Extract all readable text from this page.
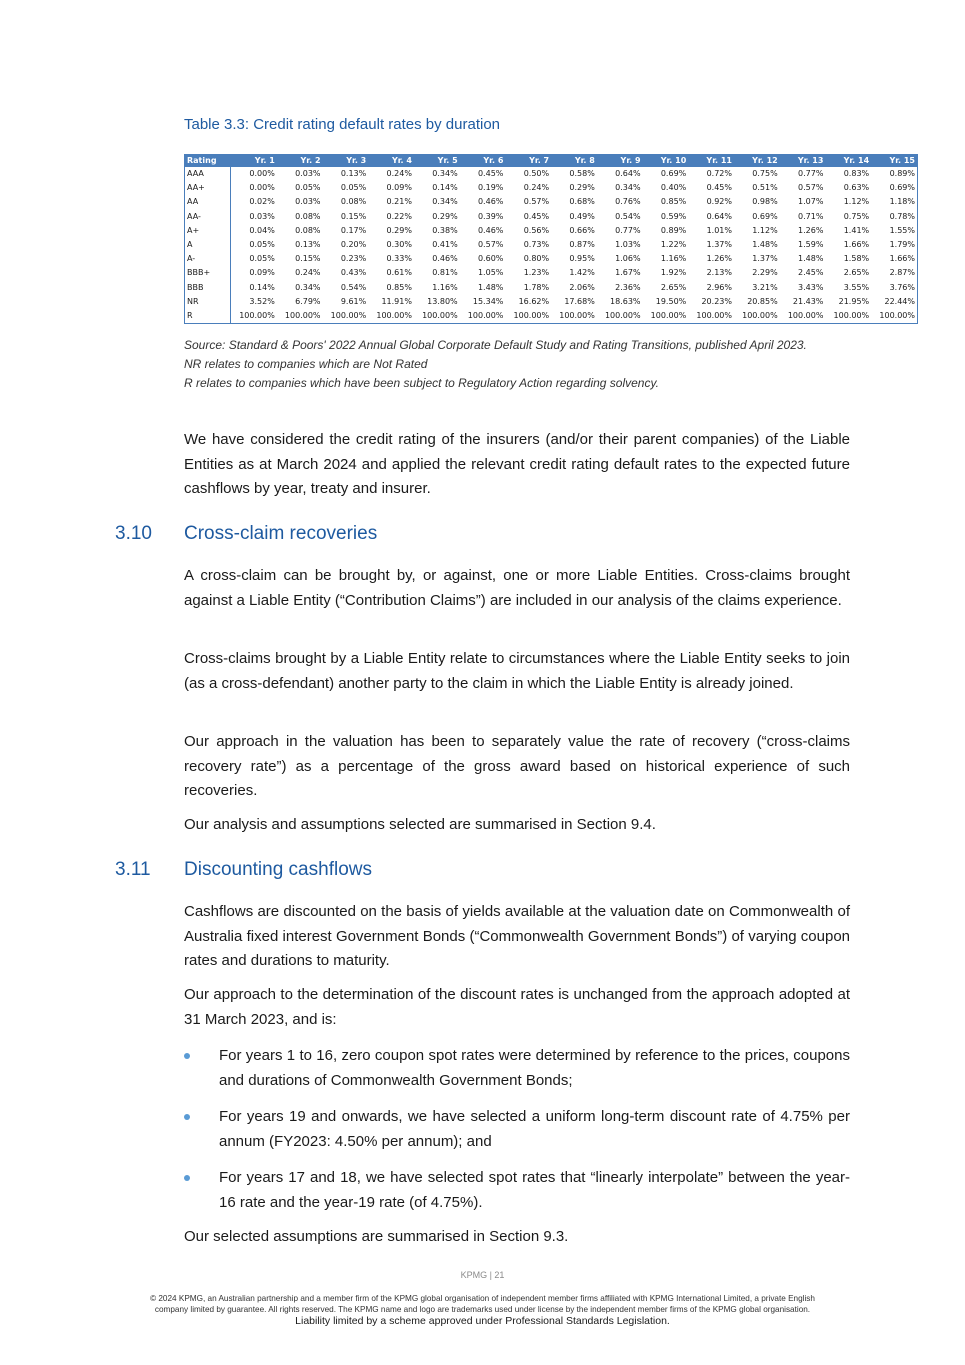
Table 3.3: Credit rating default rates by duration
Rating	Yr. 1	Yr. 2	Yr. 3	Yr. 4	Yr. 5	Yr. 6	Yr. 7	Yr. 8	Yr. 9	Yr. 10	Yr. 11	Yr. 12	Yr. 13	Yr. 14	Yr. 15
AAA	0.00%	0.03%	0.13%	0.24%	0.34%	0.45%	0.50%	0.58%	0.64%	0.69%	0.72%	0.75%	0.77%	0.83%	0.89%
AA+	0.00%	0.05%	0.05%	0.09%	0.14%	0.19%	0.24%	0.29%	0.34%	0.40%	0.45%	0.51%	0.57%	0.63%	0.69%
AA	0.02%	0.03%	0.08%	0.21%	0.34%	0.46%	0.57%	0.68%	0.76%	0.85%	0.92%	0.98%	1.07%	1.12%	1.18%
AA-	0.03%	0.08%	0.15%	0.22%	0.29%	0.39%	0.45%	0.49%	0.54%	0.59%	0.64%	0.69%	0.71%	0.75%	0.78%
A+	0.04%	0.08%	0.17%	0.29%	0.38%	0.46%	0.56%	0.66%	0.77%	0.89%	1.01%	1.12%	1.26%	1.41%	1.55%
A	0.05%	0.13%	0.20%	0.30%	0.41%	0.57%	0.73%	0.87%	1.03%	1.22%	1.37%	1.48%	1.59%	1.66%	1.79%
A-	0.05%	0.15%	0.23%	0.33%	0.46%	0.60%	0.80%	0.95%	1.06%	1.16%	1.26%	1.37%	1.48%	1.58%	1.66%
BBB+	0.09%	0.24%	0.43%	0.61%	0.81%	1.05%	1.23%	1.42%	1.67%	1.92%	2.13%	2.29%	2.45%	2.65%	2.87%
BBB	0.14%	0.34%	0.54%	0.85%	1.16%	1.48%	1.78%	2.06%	2.36%	2.65%	2.96%	3.21%	3.43%	3.55%	3.76%
NR	3.52%	6.79%	9.61%	11.91%	13.80%	15.34%	16.62%	17.68%	18.63%	19.50%	20.23%	20.85%	21.43%	21.95%	22.44%
R	100.00%	100.00%	100.00%	100.00%	100.00%	100.00%	100.00%	100.00%	100.00%	100.00%	100.00%	100.00%	100.00%	100.00%	100.00%
Source: Standard & Poors' 2022 Annual Global Corporate Default Study and Rating Transitions, published April 2023.
NR relates to companies which are Not Rated
R relates to companies which have been subject to Regulatory Action regarding solvency.

We have considered the credit rating of the insurers (and/or their parent companies) of the Liable Entities as at March 2024 and applied the relevant credit rating default rates to the expected future cashflows by year, treaty and insurer.

3.10 Cross-claim recoveries

A cross-claim can be brought by, or against, one or more Liable Entities. Cross-claims brought against a Liable Entity (“Contribution Claims”) are included in our analysis of the claims experience.

Cross-claims brought by a Liable Entity relate to circumstances where the Liable Entity seeks to join (as a cross-defendant) another party to the claim in which the Liable Entity is already joined.

Our approach in the valuation has been to separately value the rate of recovery (“cross-claims recovery rate”) as a percentage of the gross award based on historical experience of such recoveries.

Our analysis and assumptions selected are summarised in Section 9.4.

3.11 Discounting cashflows

Cashflows are discounted on the basis of yields available at the valuation date on Commonwealth of Australia fixed interest Government Bonds (“Commonwealth Government Bonds”) of varying coupon rates and durations to maturity.

Our approach to the determination of the discount rates is unchanged from the approach adopted at 31 March 2023, and is:

For years 1 to 16, zero coupon spot rates were determined by reference to the prices, coupons and durations of Commonwealth Government Bonds;
For years 19 and onwards, we have selected a uniform long-term discount rate of 4.75% per annum (FY2023: 4.50% per annum); and
For years 17 and 18, we have selected spot rates that “linearly interpolate” between the year-16 rate and the year-19 rate (of 4.75%).

Our selected assumptions are summarised in Section 9.3.

KPMG | 21
© 2024 KPMG, an Australian partnership and a member firm of the KPMG global organisation of independent member firms affiliated with KPMG International Limited, a private English
company limited by guarantee. All rights reserved. The KPMG name and logo are trademarks used under license by the independent member firms of the KPMG global organisation.
Liability limited by a scheme approved under Professional Standards Legislation.
